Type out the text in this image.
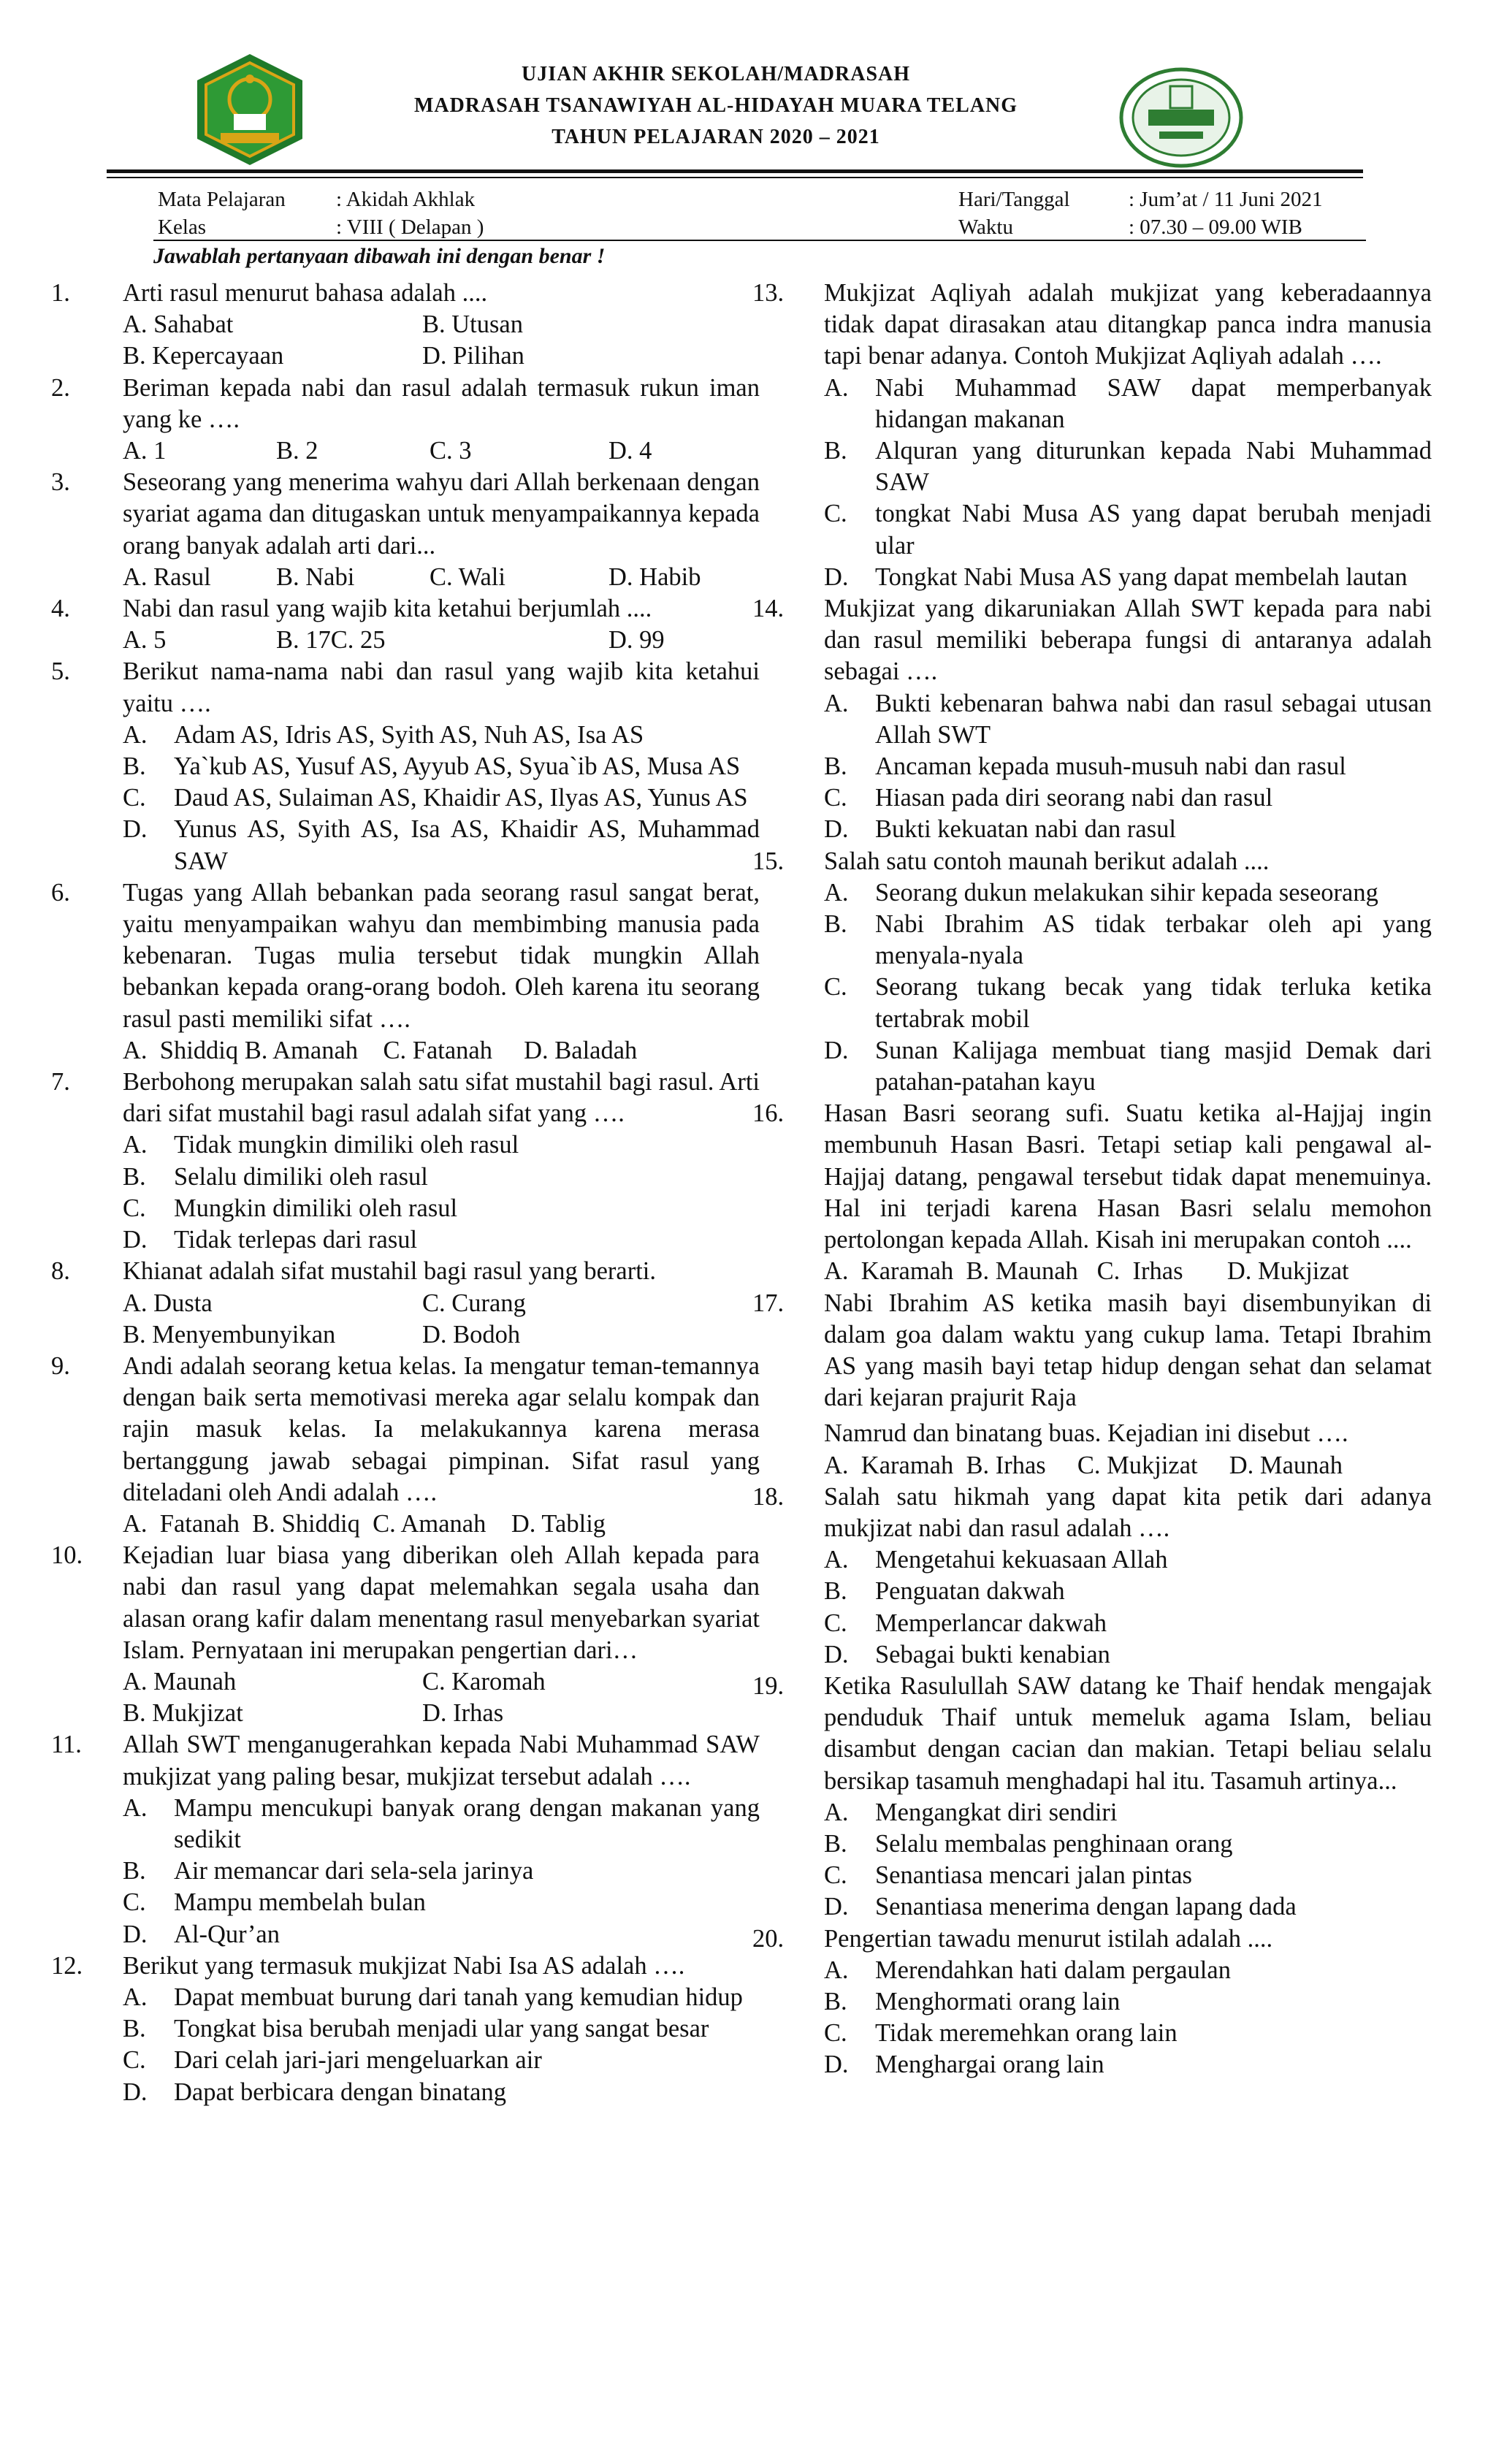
UJIAN AKHIR SEKOLAH/MADRASAH
MADRASAH TSANAWIYAH AL-HIDAYAH MUARA TELANG
TAHUN PELAJARAN 2020 – 2021
Mata Pelajaran : Akidah Akhlak
Kelas	: VIII ( Delapan )
Hari/Tanggal	: Jum’at / 11 Juni 2021
Waktu	: 07.30 – 09.00 WIB
Jawablah pertanyaan dibawah ini dengan benar !
1.	Arti rasul menurut bahasa adalah ....
A. Sahabat	B. Utusan
B. Kepercayaan	D. Pilihan
2.	Beriman kepada nabi dan rasul adalah termasuk rukun iman yang ke ….
A. 1	B. 2	C. 3	D. 4
3.	Seseorang yang menerima wahyu dari Allah berkenaan dengan syariat agama dan ditugaskan untuk menyampaikannya kepada orang banyak adalah arti dari...
A. Rasul	B. Nabi	C. Wali	D. Habib
4.	Nabi dan rasul yang wajib kita ketahui berjumlah ....
A. 5	B. 17C. 25	D. 99
5.	Berikut nama-nama nabi dan rasul yang wajib kita ketahui yaitu ….
A.	Adam AS, Idris AS, Syith AS, Nuh AS, Isa AS
B.	Ya`kub AS, Yusuf AS, Ayyub AS, Syua`ib AS, Musa AS
C.	Daud AS, Sulaiman AS, Khaidir AS, Ilyas AS, Yunus AS
D.	Yunus AS, Syith AS, Isa AS, Khaidir AS, Muhammad SAW
6.	Tugas yang Allah bebankan pada seorang rasul sangat berat, yaitu menyampaikan wahyu dan membimbing manusia pada kebenaran. Tugas mulia tersebut tidak mungkin Allah bebankan kepada orang-orang bodoh. Oleh karena itu seorang rasul pasti memiliki sifat ….
A.  Shiddiq B. Amanah    C. Fatanah     D. Baladah
7.	Berbohong merupakan salah satu sifat mustahil bagi rasul. Arti dari sifat mustahil bagi rasul adalah sifat yang ….
A.	Tidak mungkin dimiliki oleh rasul
B.	Selalu dimiliki oleh rasul
C.	Mungkin dimiliki oleh rasul
D.	Tidak terlepas dari rasul
8.	Khianat adalah sifat mustahil bagi rasul yang berarti.
A. Dusta	C. Curang
B. Menyembunyikan	D. Bodoh
9.	Andi adalah seorang ketua kelas. Ia mengatur teman-temannya dengan baik serta memotivasi mereka agar selalu kompak dan rajin masuk kelas. Ia melakukannya karena merasa bertanggung jawab sebagai pimpinan. Sifat rasul yang diteladani oleh Andi adalah ….
A.  Fatanah  B. Shiddiq  C. Amanah    D. Tablig
10.	Kejadian luar biasa yang diberikan oleh Allah kepada para nabi dan rasul yang dapat melemahkan segala usaha dan alasan orang kafir dalam menentang rasul menyebarkan syariat Islam. Pernyataan ini merupakan pengertian dari…
A. Maunah	C. Karomah
B. Mukjizat	D. Irhas
11.	Allah SWT menganugerahkan kepada Nabi Muhammad SAW mukjizat yang paling besar, mukjizat tersebut adalah ….
A.	Mampu mencukupi banyak orang dengan makanan yang sedikit
B.	Air memancar dari sela-sela jarinya
C.	Mampu membelah bulan
D.	Al-Qur’an
12.	Berikut yang termasuk mukjizat Nabi Isa AS adalah ….
A.	Dapat membuat burung dari tanah yang kemudian hidup
B.	Tongkat bisa berubah menjadi ular yang sangat besar
C.	Dari celah jari-jari mengeluarkan air
D.	Dapat berbicara dengan binatang
13.	Mukjizat Aqliyah adalah mukjizat yang keberadaannya tidak dapat dirasakan atau ditangkap panca indra manusia tapi benar adanya. Contoh Mukjizat Aqliyah adalah ….
A.	Nabi Muhammad SAW dapat memperbanyak hidangan makanan
B.	Alquran yang diturunkan kepada Nabi Muhammad SAW
C.	tongkat Nabi Musa AS yang dapat berubah menjadi ular
D.	Tongkat Nabi Musa AS yang dapat membelah lautan
14.	Mukjizat yang dikaruniakan Allah SWT kepada para nabi dan rasul memiliki beberapa fungsi di antaranya adalah sebagai ….
A.	Bukti kebenaran bahwa nabi dan rasul sebagai utusan Allah SWT
B.	Ancaman kepada musuh-musuh nabi dan rasul
C.	Hiasan pada diri seorang nabi dan rasul
D.	Bukti kekuatan nabi dan rasul
15.	Salah satu contoh maunah berikut adalah ....
A.	Seorang dukun melakukan sihir kepada seseorang
B.	Nabi Ibrahim AS tidak terbakar oleh api yang menyala-nyala
C.	Seorang tukang becak yang tidak terluka ketika tertabrak mobil
D.	Sunan Kalijaga membuat tiang masjid Demak dari patahan-patahan kayu
16.	Hasan Basri seorang sufi. Suatu ketika al-Hajjaj ingin membunuh Hasan Basri. Tetapi setiap kali pengawal al-Hajjaj datang, pengawal tersebut tidak dapat menemuinya. Hal ini terjadi karena Hasan Basri selalu memohon pertolongan kepada Allah. Kisah ini merupakan contoh ....
A.  Karamah  B. Maunah   C.  Irhas       D. Mukjizat
17.	Nabi Ibrahim AS ketika masih bayi disembunyikan di dalam goa dalam waktu yang cukup lama. Tetapi Ibrahim AS yang masih bayi tetap hidup dengan sehat dan selamat dari kejaran prajurit Raja
Namrud dan binatang buas. Kejadian ini disebut ….
A.  Karamah  B. Irhas     C. Mukjizat     D. Maunah
18.	Salah satu hikmah yang dapat kita petik dari adanya mukjizat nabi dan rasul adalah ….
A.	Mengetahui kekuasaan Allah
B.	Penguatan dakwah
C.	Memperlancar dakwah
D.	Sebagai bukti kenabian
19.	Ketika Rasulullah SAW datang ke Thaif hendak mengajak penduduk Thaif untuk memeluk agama Islam, beliau disambut dengan cacian dan makian. Tetapi beliau selalu bersikap tasamuh menghadapi hal itu. Tasamuh artinya...
A.	Mengangkat diri sendiri
B.	Selalu membalas penghinaan orang
C.	Senantiasa mencari jalan pintas
D.	Senantiasa menerima dengan lapang dada
20.	Pengertian tawadu menurut istilah adalah ....
A.	Merendahkan hati dalam pergaulan
B.	Menghormati orang lain
C.	Tidak meremehkan orang lain
D.	Menghargai orang lain
